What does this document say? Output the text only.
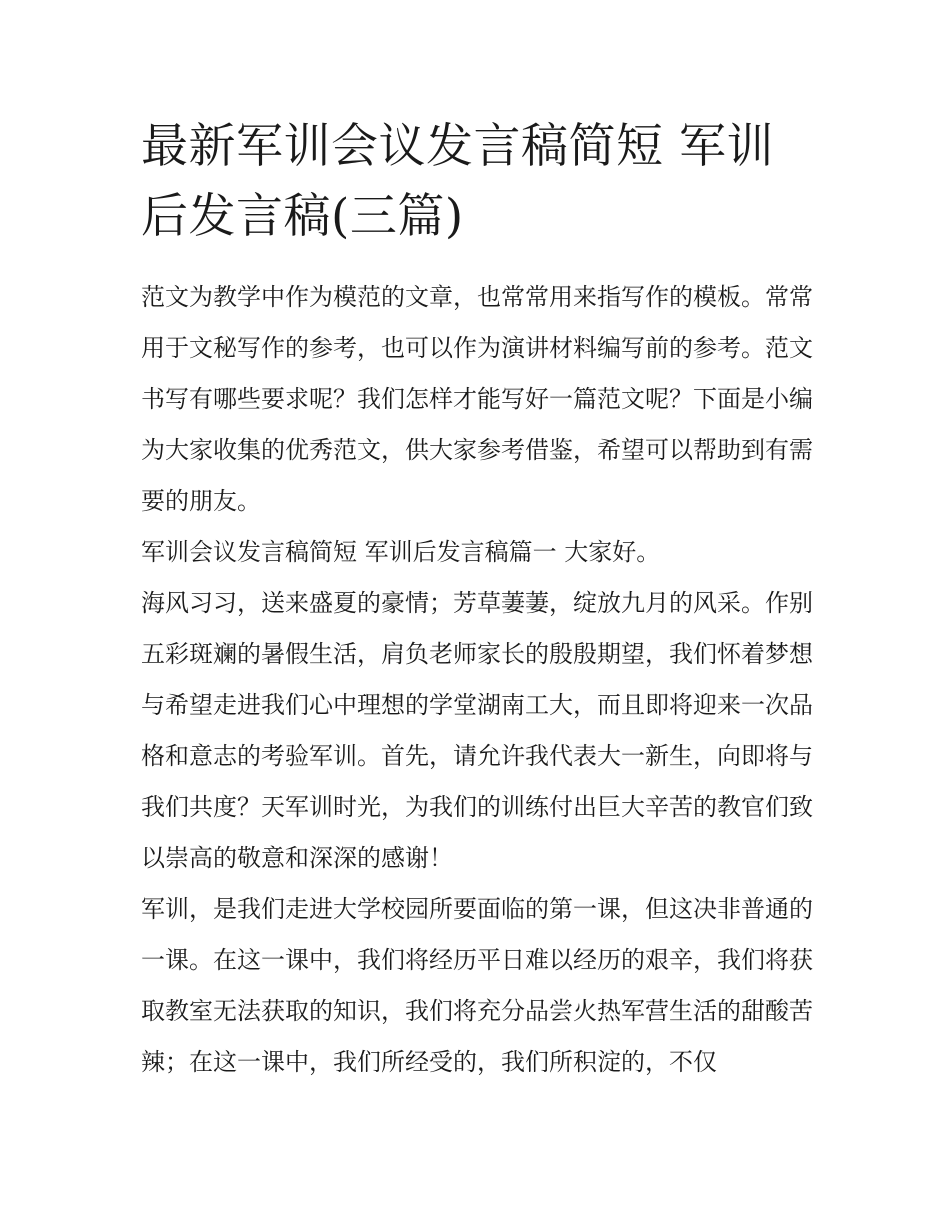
最新军训会议发言稿简短 军训后发言稿(三篇)

范文为教学中作为模范的文章，也常常用来指写作的模板。常常用于文秘写作的参考，也可以作为演讲材料编写前的参考。范文书写有哪些要求呢？我们怎样才能写好一篇范文呢？下面是小编为大家收集的优秀范文，供大家参考借鉴，希望可以帮助到有需要的朋友。

军训会议发言稿简短 军训后发言稿篇一 大家好。

海风习习，送来盛夏的豪情；芳草萋萋，绽放九月的风采。作别五彩斑斓的暑假生活，肩负老师家长的殷殷期望，我们怀着梦想与希望走进我们心中理想的学堂湖南工大，而且即将迎来一次品格和意志的考验军训。首先，请允许我代表大一新生，向即将与我们共度？天军训时光，为我们的训练付出巨大辛苦的教官们致以崇高的敬意和深深的感谢！

军训，是我们走进大学校园所要面临的第一课，但这决非普通的一课。在这一课中，我们将经历平日难以经历的艰辛，我们将获取教室无法获取的知识，我们将充分品尝火热军营生活的甜酸苦辣；在这一课中，我们所经受的，我们所积淀的，不仅
